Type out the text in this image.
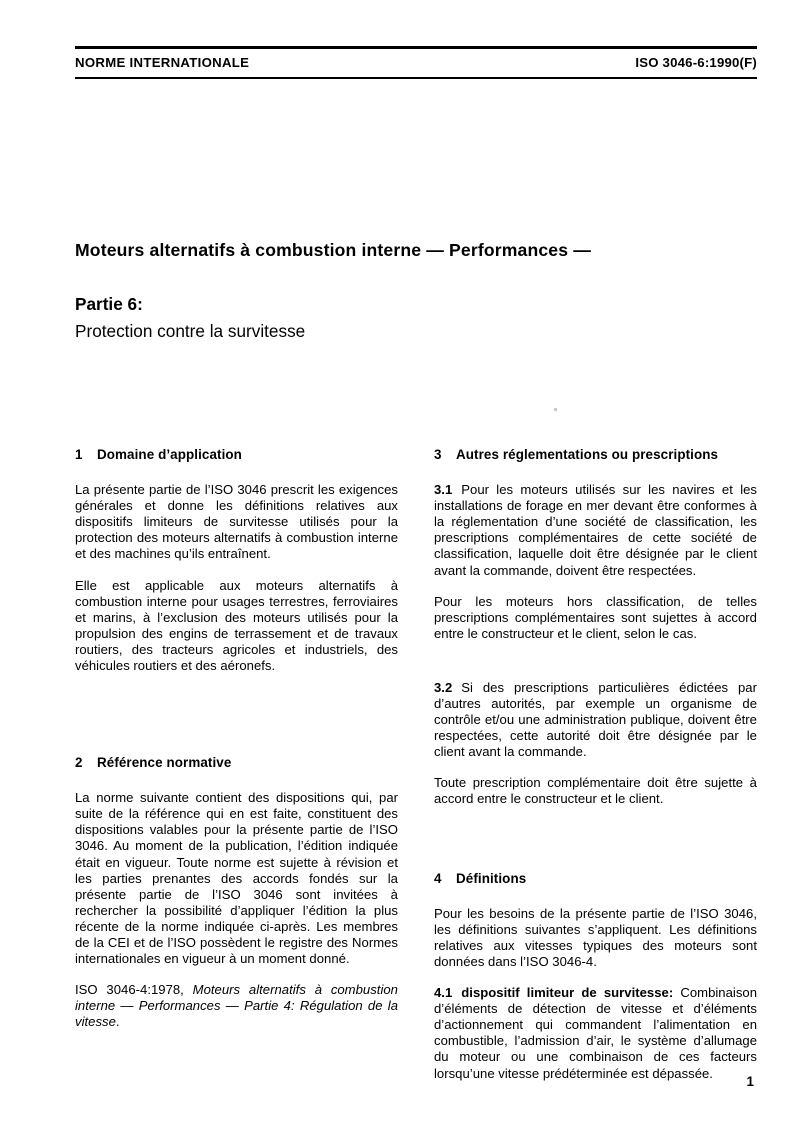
NORME INTERNATIONALE	ISO 3046-6:1990(F)
Moteurs alternatifs à combustion interne — Performances —
Partie 6:
Protection contre la survitesse
1 Domaine d’application

La présente partie de l’ISO 3046 prescrit les exigences générales et donne les définitions relatives aux dispositifs limiteurs de survitesse utilisés pour la protection des moteurs alternatifs à combustion interne et des machines qu’ils entraînent.

Elle est applicable aux moteurs alternatifs à combustion interne pour usages terrestres, ferroviaires et marins, à l’exclusion des moteurs utilisés pour la propulsion des engins de terrassement et de travaux routiers, des tracteurs agricoles et industriels, des véhicules routiers et des aéronefs.

2 Référence normative

La norme suivante contient des dispositions qui, par suite de la référence qui en est faite, constituent des dispositions valables pour la présente partie de l’ISO 3046. Au moment de la publication, l’édition indiquée était en vigueur. Toute norme est sujette à révision et les parties prenantes des accords fondés sur la présente partie de l’ISO 3046 sont invitées à rechercher la possibilité d’appliquer l’édition la plus récente de la norme indiquée ci-après. Les membres de la CEI et de l’ISO possèdent le registre des Normes internationales en vigueur à un moment donné.

ISO 3046-4:1978, Moteurs alternatifs à combustion interne — Performances — Partie 4: Régulation de la vitesse.

3 Autres réglementations ou prescriptions

3.1 Pour les moteurs utilisés sur les navires et les installations de forage en mer devant être conformes à la réglementation d’une société de classification, les prescriptions complémentaires de cette société de classification, laquelle doit être désignée par le client avant la commande, doivent être respectées.

Pour les moteurs hors classification, de telles prescriptions complémentaires sont sujettes à accord entre le constructeur et le client, selon le cas.

3.2 Si des prescriptions particulières édictées par d’autres autorités, par exemple un organisme de contrôle et/ou une administration publique, doivent être respectées, cette autorité doit être désignée par le client avant la commande.

Toute prescription complémentaire doit être sujette à accord entre le constructeur et le client.

4 Définitions

Pour les besoins de la présente partie de l’ISO 3046, les définitions suivantes s’appliquent. Les définitions relatives aux vitesses typiques des moteurs sont données dans l’ISO 3046-4.

4.1 dispositif limiteur de survitesse: Combinaison d’éléments de détection de vitesse et d’éléments d’actionnement qui commandent l’alimentation en combustible, l’admission d’air, le système d’allumage du moteur ou une combinaison de ces facteurs lorsqu’une vitesse prédéterminée est dépassée.

1
